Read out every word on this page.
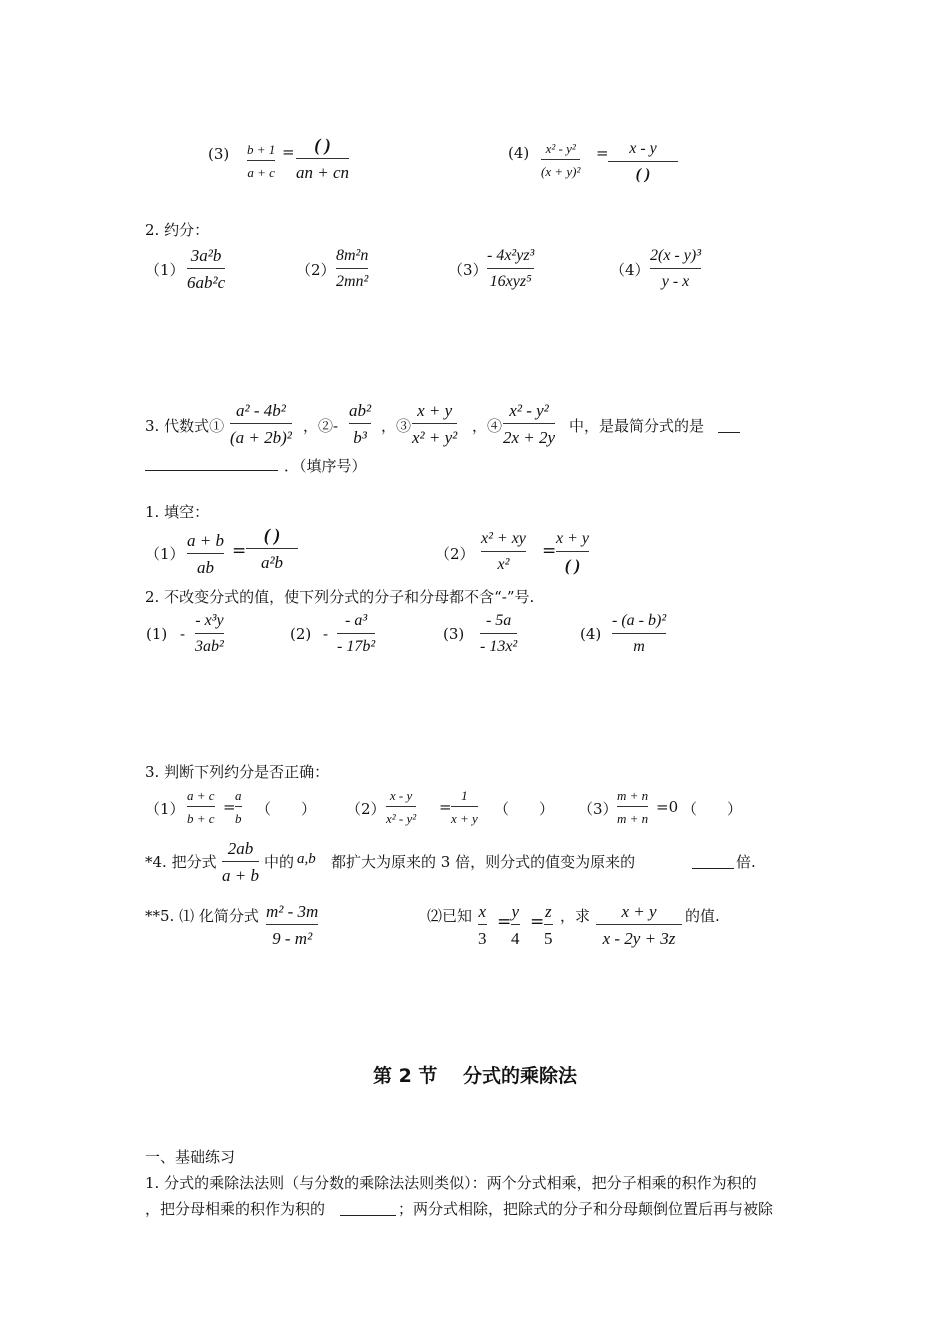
(3) b + 1
a + c
= ( )
an + cn
(4) x² - y²
(x + y)²
= x - y
( )
2. 约分：
（1）
3a²b
6ab²c
（2）
8m²n
2mn²
（3）
- 4x²yz³
16xyz⁵
（4）
2(x - y)³
y - x
3. 代数式①
a² - 4b²
(a + 2b)²
，②-
ab²
b³
，③
x + y
x² + y²
，④
x² - y²
2x + 2y
中，是最简分式的是
．（填序号）
1. 填空：
（1）
a + b
ab
=
( )
a²b	（2）
x² + xy
x²
=
x + y
( )
2. 不改变分式的值，使下列分式的分子和分母都不含“-”号.
(1) -
- x³y
3ab²
(2) -
- a³
- 17b²
(3)
- 5a
- 13x²
(4)
- (a - b)²
m
3. 判断下列约分是否正确：
（1）
a + c
b + c
=
a
b
（　　） （2）
x - y
x² - y²
=
1
x + y
（　　） （3）
m + n
m + n
=0 （　　）
*4. 把分式
2ab
a + b
中的 a,b 都扩大为原来的 3 倍，则分式的值变为原来的	倍.
**5. ⑴ 化简分式 m² - 3m
9 - m²
⑵已知 x
3
=
y
4
=
z
5
，求 x + y
x - 2y + 3z
的值.
第 2 节　 分式的乘除法
一、基础练习
1. 分式的乘除法法则（与分数的乘除法法则类似）：两个分式相乘，把分子相乘的积作为积的
，把分母相乘的积作为积的	；两分式相除，把除式的分子和分母颠倒位置后再与被除
